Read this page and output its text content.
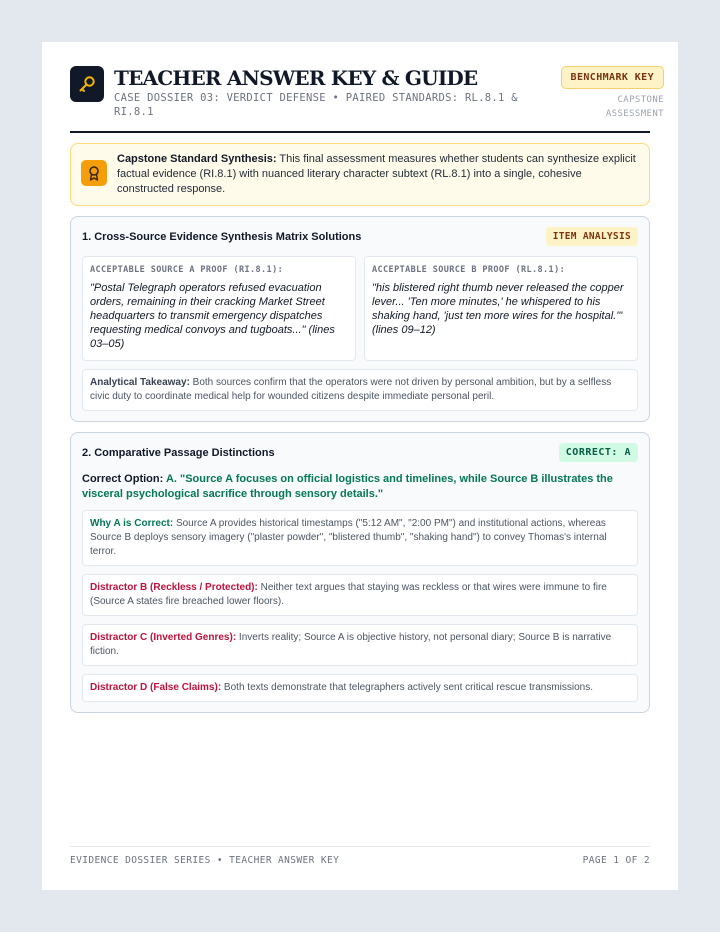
TEACHER ANSWER KEY & GUIDE
CASE DOSSIER 03: VERDICT DEFENSE • PAIRED STANDARDS: RL.8.1 & RI.8.1
BENCHMARK KEY
CAPSTONE
ASSESSMENT
Capstone Standard Synthesis: This final assessment measures whether students can synthesize explicit factual evidence (RI.8.1) with nuanced literary character subtext (RL.8.1) into a single, cohesive constructed response.
1. Cross-Source Evidence Synthesis Matrix Solutions	ITEM ANALYSIS
ACCEPTABLE SOURCE A PROOF (RI.8.1):
"Postal Telegraph operators refused evacuation orders, remaining in their cracking Market Street headquarters to transmit emergency dispatches requesting medical convoys and tugboats..." (lines 03–05)
ACCEPTABLE SOURCE B PROOF (RL.8.1):
"his blistered right thumb never released the copper lever... 'Ten more minutes,' he whispered to his shaking hand, 'just ten more wires for the hospital.'" (lines 09–12)
Analytical Takeaway: Both sources confirm that the operators were not driven by personal ambition, but by a selfless civic duty to coordinate medical help for wounded citizens despite immediate personal peril.
2. Comparative Passage Distinctions	CORRECT: A
Correct Option: A. "Source A focuses on official logistics and timelines, while Source B illustrates the visceral psychological sacrifice through sensory details."
Why A is Correct: Source A provides historical timestamps ("5:12 AM", "2:00 PM") and institutional actions, whereas Source B deploys sensory imagery ("plaster powder", "blistered thumb", "shaking hand") to convey Thomas's internal terror.
Distractor B (Reckless / Protected): Neither text argues that staying was reckless or that wires were immune to fire (Source A states fire breached lower floors).
Distractor C (Inverted Genres): Inverts reality; Source A is objective history, not personal diary; Source B is narrative fiction.
Distractor D (False Claims): Both texts demonstrate that telegraphers actively sent critical rescue transmissions.
EVIDENCE DOSSIER SERIES • TEACHER ANSWER KEY	PAGE 1 OF 2
